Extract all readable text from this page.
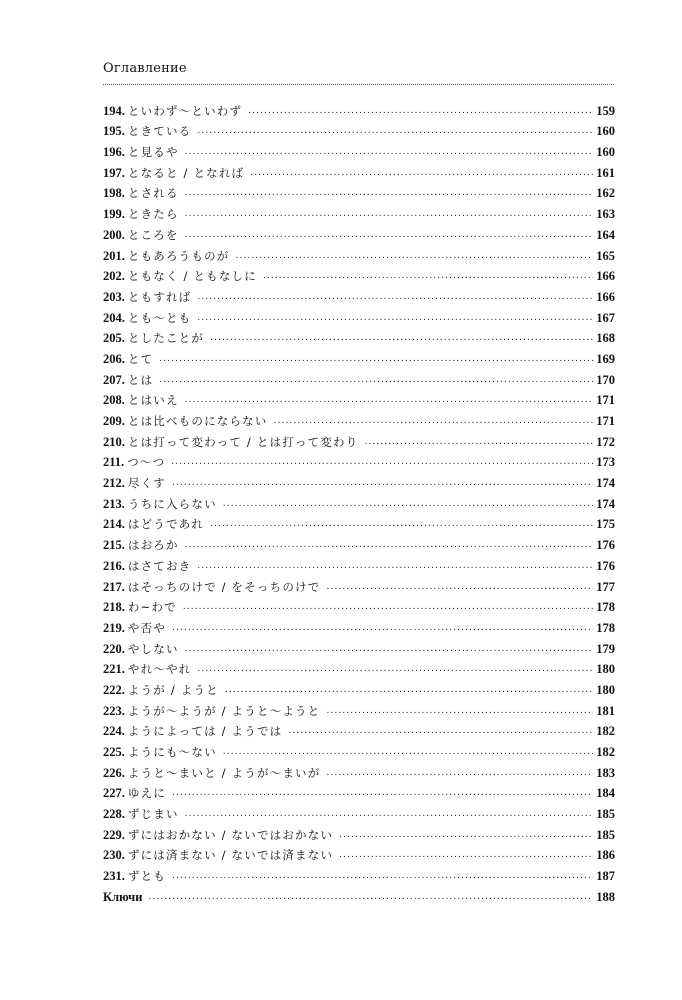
Оглавление
194. といわず～といわず .....	159
195. ときている .....	160
196. と見るや .....	160
197. となると / となれば .....	161
198. とされる .....	162
199. ときたら .....	163
200. ところを .....	164
201. ともあろうものが .....	165
202. ともなく / ともなしに .....	166
203. ともすれば .....	166
204. とも～とも .....	167
205. としたことが .....	168
206. とて .....	169
207. とは .....	170
208. とはいえ .....	171
209. とは比べものにならない .....	171
210. とは打って変わって / とは打って変わり .....	172
211. つ～つ .....	173
212. 尽くす .....	174
213. うちに入らない .....	174
214. はどうであれ .....	175
215. はおろか .....	176
216. はさておき .....	176
217. はそっちのけで / をそっちのけで .....	177
218. わ~わで .....	178
219. や否や .....	178
220. やしない .....	179
221. やれ～やれ .....	180
222. ようが / ようと .....	180
223. ようが～ようが / ようと～ようと .....	181
224. ようによっては / ようでは .....	182
225. ようにも～ない .....	182
226. ようと～まいと / ようが～まいが .....	183
227. ゆえに .....	184
228. ずじまい .....	185
229. ずにはおかない / ないではおかない .....	185
230. ずには済まない / ないでは済まない .....	186
231. ずとも .....	187
Ключи .....	188
